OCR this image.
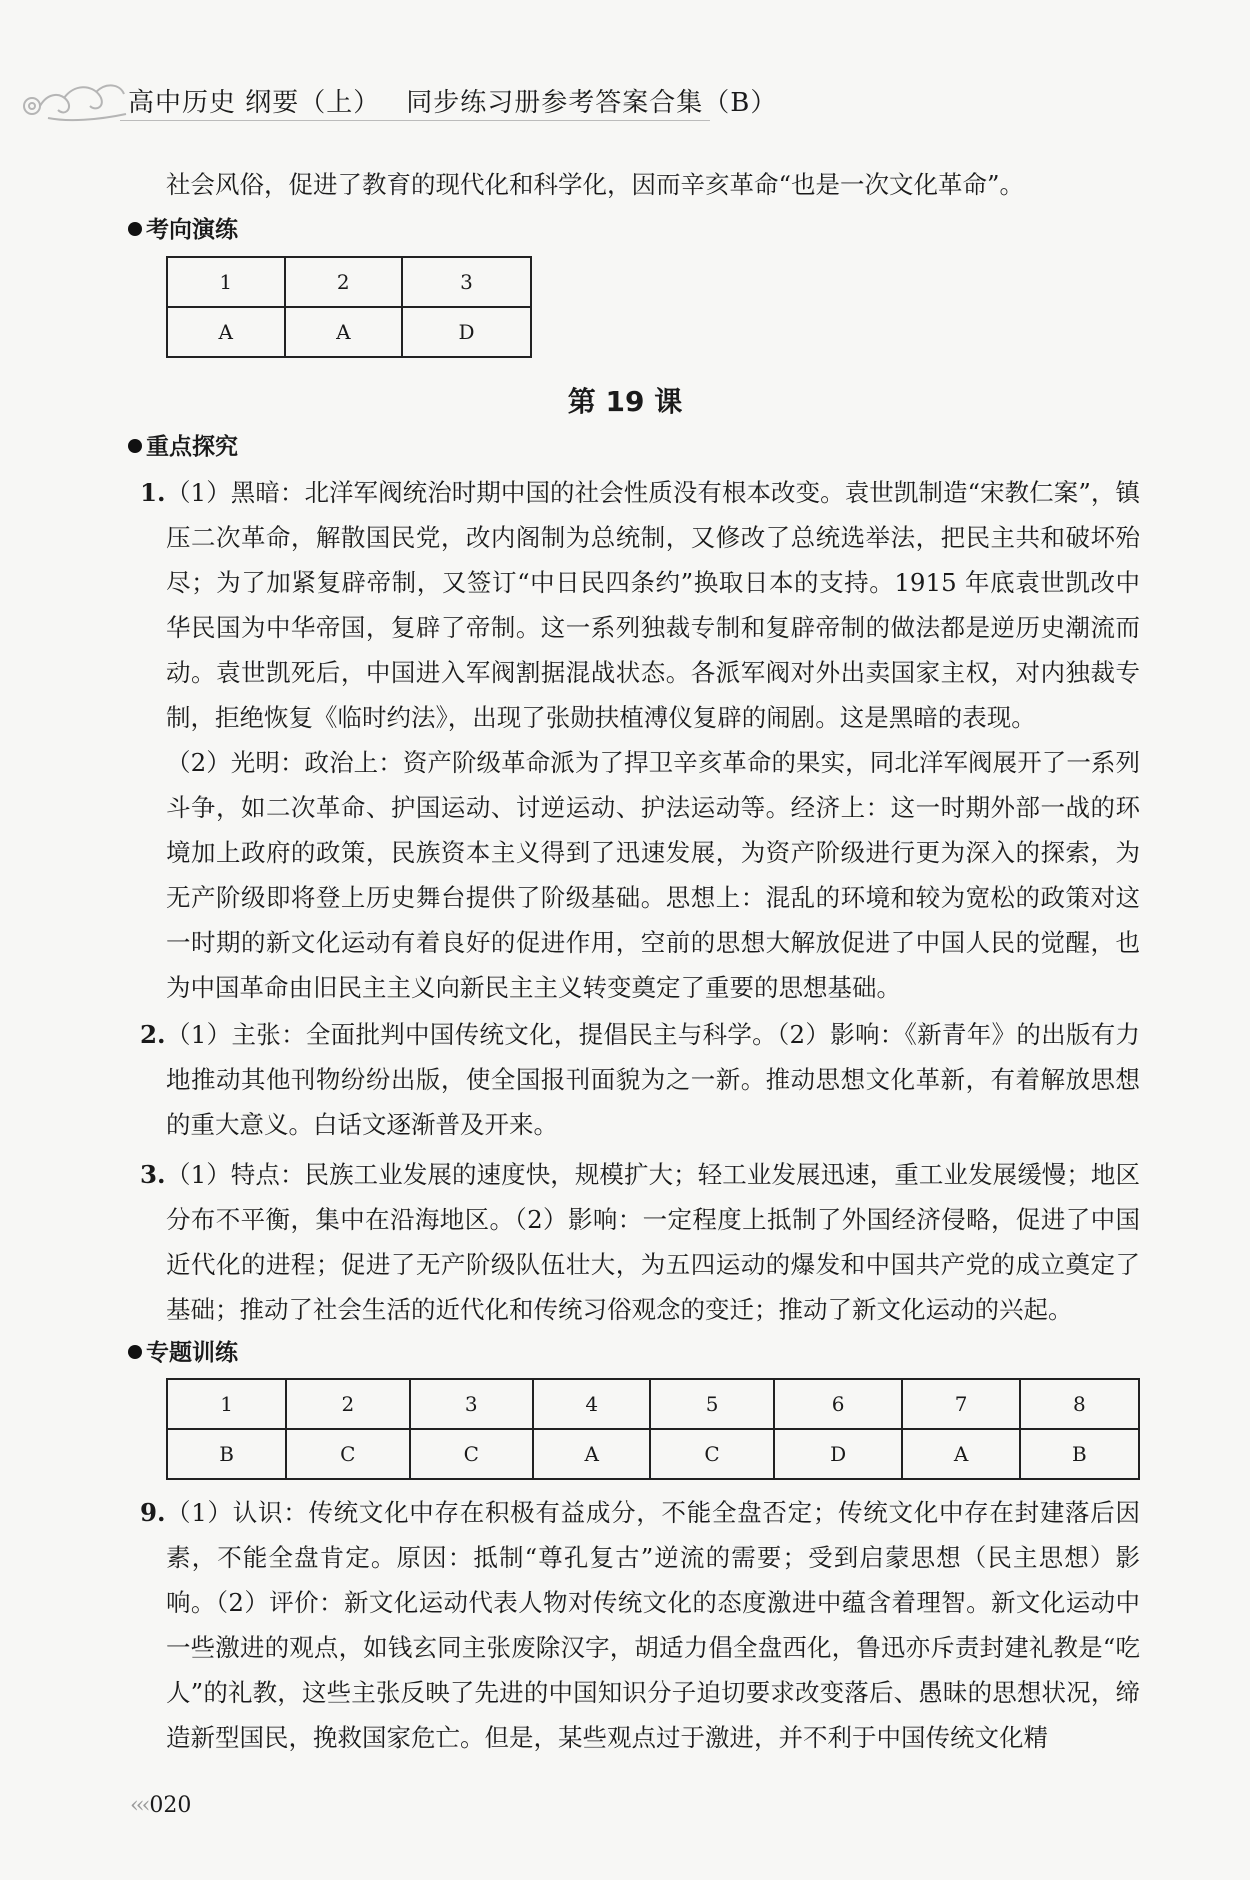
高中历史 纲要（上） 同步练习册参考答案合集（B）
社会风俗，促进了教育的现代化和科学化，因而辛亥革命“也是一次文化革命”。
考向演练
1	2	3
A	A	D
第 19 课
重点探究
1. （1）黑暗：北洋军阀统治时期中国的社会性质没有根本改变。袁世凯制造“宋教仁案”，镇压二次革命，解散国民党，改内阁制为总统制，又修改了总统选举法，把民主共和破坏殆尽；为了加紧复辟帝制，又签订“中日民四条约”换取日本的支持。1915 年底袁世凯改中华民国为中华帝国，复辟了帝制。这一系列独裁专制和复辟帝制的做法都是逆历史潮流而动。袁世凯死后，中国进入军阀割据混战状态。各派军阀对外出卖国家主权，对内独裁专制，拒绝恢复《临时约法》，出现了张勋扶植溥仪复辟的闹剧。这是黑暗的表现。
（2）光明：政治上：资产阶级革命派为了捍卫辛亥革命的果实，同北洋军阀展开了一系列斗争，如二次革命、护国运动、讨逆运动、护法运动等。经济上：这一时期外部一战的环境加上政府的政策，民族资本主义得到了迅速发展，为资产阶级进行更为深入的探索，为无产阶级即将登上历史舞台提供了阶级基础。思想上：混乱的环境和较为宽松的政策对这一时期的新文化运动有着良好的促进作用，空前的思想大解放促进了中国人民的觉醒，也为中国革命由旧民主主义向新民主主义转变奠定了重要的思想基础。
2. （1）主张：全面批判中国传统文化，提倡民主与科学。（2）影响：《新青年》的出版有力地推动其他刊物纷纷出版，使全国报刊面貌为之一新。推动思想文化革新，有着解放思想的重大意义。白话文逐渐普及开来。
3. （1）特点：民族工业发展的速度快，规模扩大；轻工业发展迅速，重工业发展缓慢；地区分布不平衡，集中在沿海地区。（2）影响：一定程度上抵制了外国经济侵略，促进了中国近代化的进程；促进了无产阶级队伍壮大，为五四运动的爆发和中国共产党的成立奠定了基础；推动了社会生活的近代化和传统习俗观念的变迁；推动了新文化运动的兴起。
专题训练
1	2	3	4	5	6	7	8
B	C	C	A	C	D	A	B
9. （1）认识：传统文化中存在积极有益成分，不能全盘否定；传统文化中存在封建落后因素，不能全盘肯定。原因：抵制“尊孔复古”逆流的需要；受到启蒙思想（民主思想）影响。（2）评价：新文化运动代表人物对传统文化的态度激进中蕴含着理智。新文化运动中一些激进的观点，如钱玄同主张废除汉字，胡适力倡全盘西化，鲁迅亦斥责封建礼教是“吃人”的礼教，这些主张反映了先进的中国知识分子迫切要求改变落后、愚昧的思想状况，缔造新型国民，挽救国家危亡。但是，某些观点过于激进，并不利于中国传统文化精
‹‹‹020
